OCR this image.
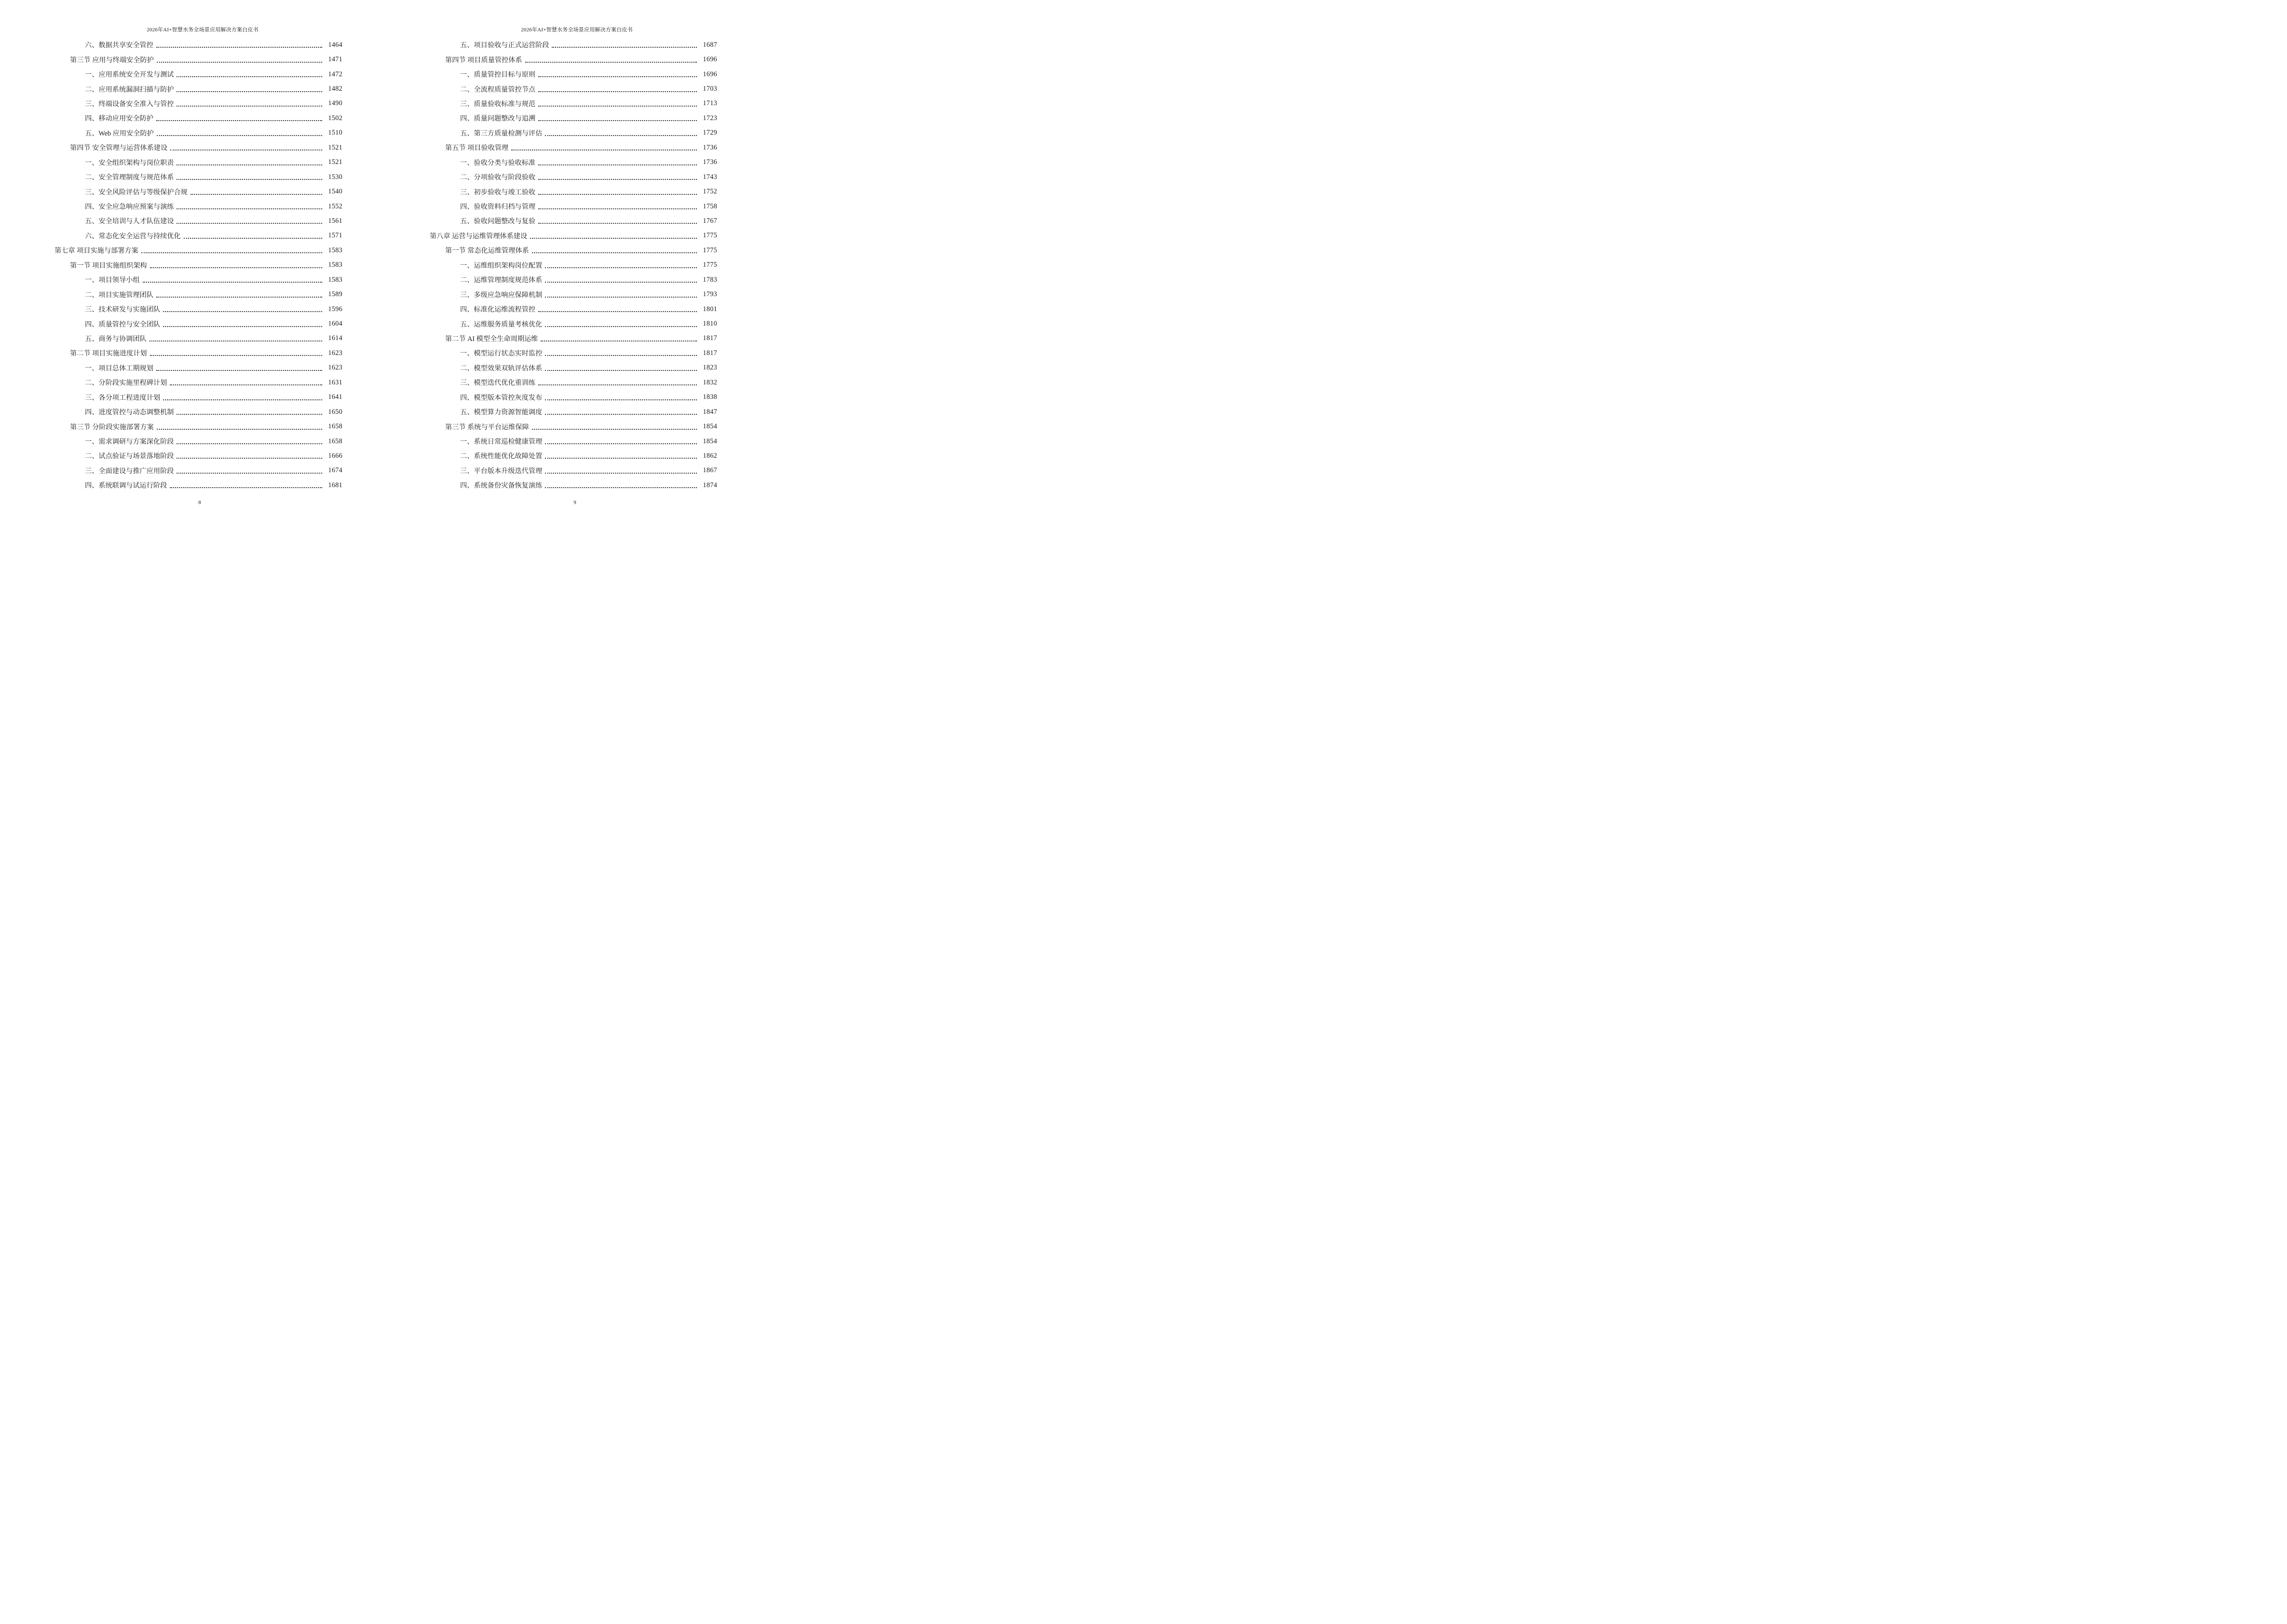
2026年AI+智慧水务全场景应用解决方案白皮书
六、数据共享安全管控	1464
第三节 应用与终端安全防护	1471
一、应用系统安全开发与测试	1472
二、应用系统漏洞扫描与防护	1482
三、终端设备安全准入与管控	1490
四、移动应用安全防护	1502
五、Web 应用安全防护	1510
第四节 安全管理与运营体系建设	1521
一、安全组织架构与岗位职责	1521
二、安全管理制度与规范体系	1530
三、安全风险评估与等级保护合规	1540
四、安全应急响应预案与演练	1552
五、安全培训与人才队伍建设	1561
六、常态化安全运营与持续优化	1571
第七章 项目实施与部署方案	1583
第一节 项目实施组织架构	1583
一、项目领导小组	1583
二、项目实施管理团队	1589
三、技术研发与实施团队	1596
四、质量管控与安全团队	1604
五、商务与协调团队	1614
第二节 项目实施进度计划	1623
一、项目总体工期规划	1623
二、分阶段实施里程碑计划	1631
三、各分项工程进度计划	1641
四、进度管控与动态调整机制	1650
第三节 分阶段实施部署方案	1658
一、需求调研与方案深化阶段	1658
二、试点验证与场景落地阶段	1666
三、全面建设与推广应用阶段	1674
四、系统联调与试运行阶段	1681
8
2026年AI+智慧水务全场景应用解决方案白皮书
五、项目验收与正式运营阶段	1687
第四节 项目质量管控体系	1696
一、质量管控目标与原则	1696
二、全流程质量管控节点	1703
三、质量验收标准与规范	1713
四、质量问题整改与追溯	1723
五、第三方质量检测与评估	1729
第五节 项目验收管理	1736
一、验收分类与验收标准	1736
二、分项验收与阶段验收	1743
三、初步验收与竣工验收	1752
四、验收资料归档与管理	1758
五、验收问题整改与复验	1767
第八章 运营与运维管理体系建设	1775
第一节 常态化运维管理体系	1775
一、运维组织架构岗位配置	1775
二、运维管理制度规范体系	1783
三、多级应急响应保障机制	1793
四、标准化运维流程管控	1801
五、运维服务质量考核优化	1810
第二节 AI 模型全生命周期运维	1817
一、模型运行状态实时监控	1817
二、模型效果双轨评估体系	1823
三、模型迭代优化重训练	1832
四、模型版本管控灰度发布	1838
五、模型算力资源智能调度	1847
第三节 系统与平台运维保障	1854
一、系统日常巡检健康管理	1854
二、系统性能优化故障处置	1862
三、平台版本升级迭代管理	1867
四、系统备份灾备恢复演练	1874
9
